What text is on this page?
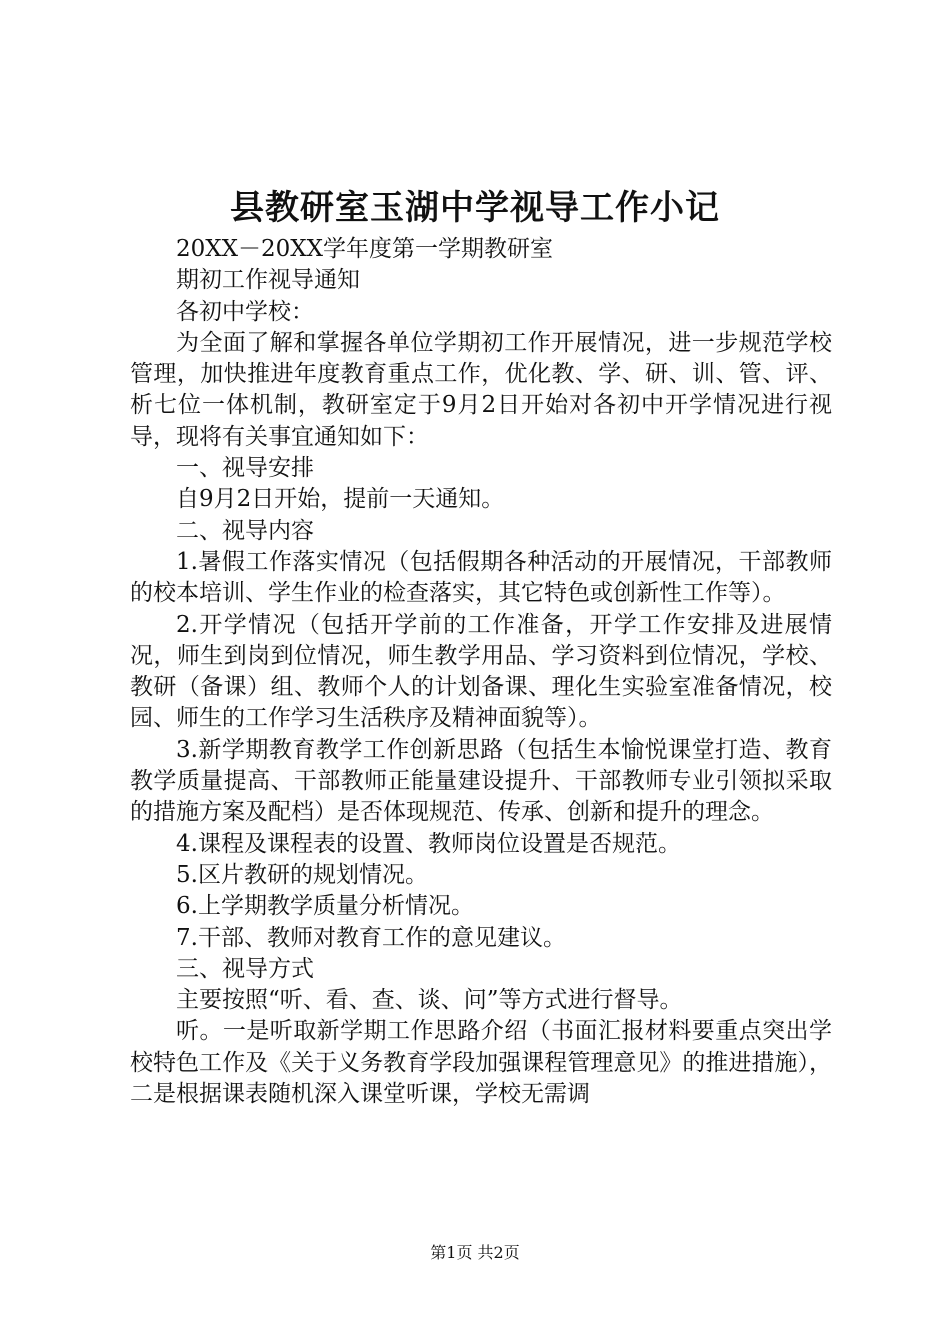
县教研室玉湖中学视导工作小记

20XX－20XX学年度第一学期教研室

期初工作视导通知

各初中学校：

为全面了解和掌握各单位学期初工作开展情况，进一步规范学校管理，加快推进年度教育重点工作，优化教、学、研、训、管、评、析七位一体机制，教研室定于9月2日开始对各初中开学情况进行视导，现将有关事宜通知如下：

一、视导安排

自9月2日开始，提前一天通知。

二、视导内容

1.暑假工作落实情况（包括假期各种活动的开展情况，干部教师的校本培训、学生作业的检查落实，其它特色或创新性工作等）。

2.开学情况（包括开学前的工作准备，开学工作安排及进展情况，师生到岗到位情况，师生教学用品、学习资料到位情况，学校、教研（备课）组、教师个人的计划备课、理化生实验室准备情况，校园、师生的工作学习生活秩序及精神面貌等）。

3.新学期教育教学工作创新思路（包括生本愉悦课堂打造、教育教学质量提高、干部教师正能量建设提升、干部教师专业引领拟采取的措施方案及配档）是否体现规范、传承、创新和提升的理念。

4.课程及课程表的设置、教师岗位设置是否规范。

5.区片教研的规划情况。

6.上学期教学质量分析情况。

7.干部、教师对教育工作的意见建议。

三、视导方式

主要按照“听、看、查、谈、问”等方式进行督导。

听。一是听取新学期工作思路介绍（书面汇报材料要重点突出学校特色工作及《关于义务教育学段加强课程管理意见》的推进措施），二是根据课表随机深入课堂听课，学校无需调

第1页 共2页
